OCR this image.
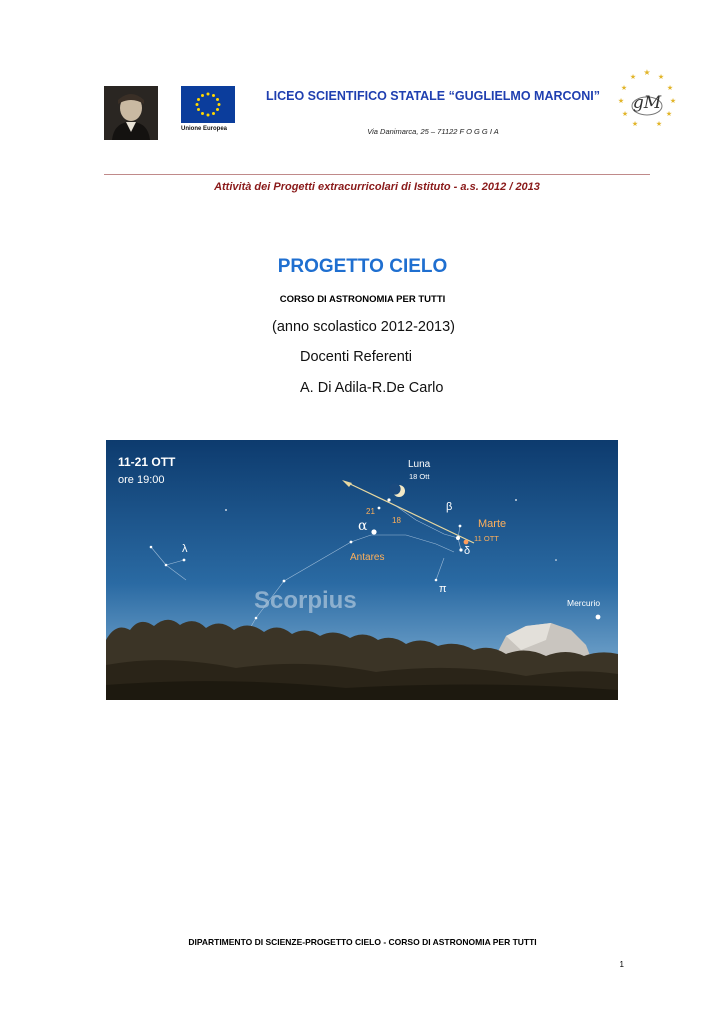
Unione Europea
LICEO SCIENTIFICO STATALE “GUGLIELMO MARCONI”
Via Danimarca, 25 – 71122 F O G G I A
★ ★
★
★
★
★
★
★
★
★
★
gM
Attività dei Progetti extracurricolari di Istituto - a.s. 2012 / 2013
PROGETTO CIELO
CORSO DI ASTRONOMIA PER TUTTI
(anno scolastico 2012-2013)
Docenti Referenti
A. Di Adila-R.De Carlo
11-21 OTT
ore 19:00
Luna
18 Ott
β
α
δ
π
λ
21
18	Marte
11 OTT
Antares
Scorpius	Mercurio
DIPARTIMENTO DI SCIENZE-PROGETTO CIELO - CORSO DI ASTRONOMIA PER TUTTI
1
